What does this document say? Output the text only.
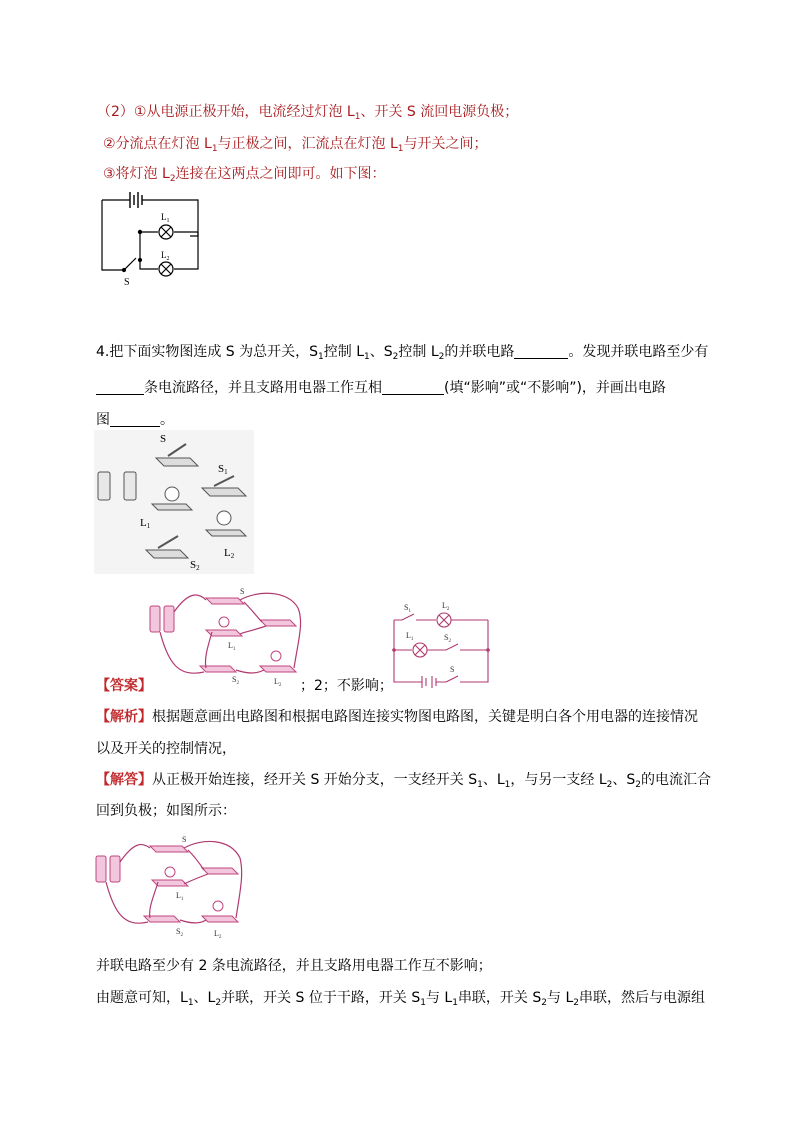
（2）①从电源正极开始，电流经过灯泡 $L_1$、开关 S 流回电源负极；
②分流点在灯泡 $L_1$与正极之间，汇流点在灯泡 $L_1$与开关之间；
③将灯泡 $L_2$连接在这两点之间即可。如下图：
S
$L_1$
$L_2$
4.把下面实物图连成 S 为总开关，$S_1$控制 $L_1$、$S_2$控制 $L_2$的并联电路	。发现并联电路至少有
条电流路径，并且支路用电器工作互相	(填“影响”或“不影响”)，并画出电路
图	。
S
S1
L1
L2
S2
S
$L_1$
$S_2$	$L_2$
$S_1$
$L_2$
$L_1$	$S_2$
S
【答案】	；2；不影响；
【解析】根据题意画出电路图和根据电路图连接实物图电路图，关键是明白各个用电器的连接情况
以及开关的控制情况，
【解答】从正极开始连接，经开关 S 开始分支，一支经开关 $S_1$、$L_1$，与另一支经 $L_2$、$S_2$的电流汇合
回到负极；如图所示：
S
$L_1$
$S_2$	$L_2$
并联电路至少有 2 条电流路径，并且支路用电器工作互不影响；
由题意可知，$L_1$、$L_2$并联，开关 S 位于干路，开关 $S_1$与 $L_1$串联，开关 $S_2$与 $L_2$串联，然后与电源组
